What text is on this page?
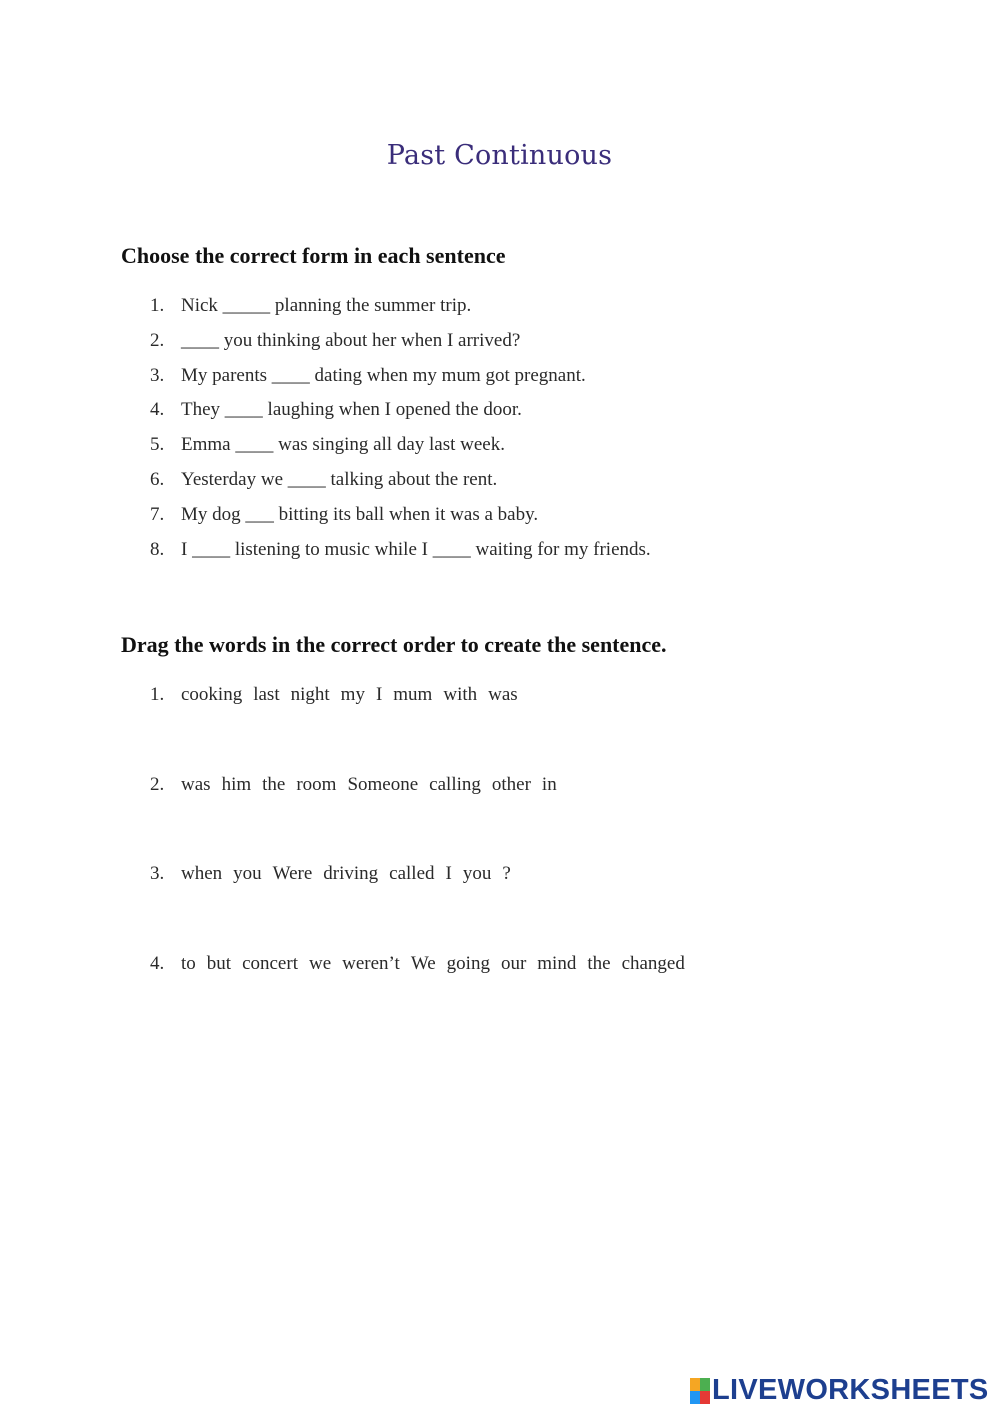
Past Continuous
Choose the correct form in each sentence
1. Nick _____ planning the summer trip.
2. ____ you thinking about her when I arrived?
3. My parents ____ dating when my mum got pregnant.
4. They ____ laughing when I opened the door.
5. Emma ____ was singing all day last week.
6. Yesterday we ____ talking about the rent.
7. My dog ___ bitting its ball when it was a baby.
8. I ____ listening to music while I ____ waiting for my friends.
Drag the words in the correct order to create the sentence.
1. cooking last night my I mum with was
2. was him the room Someone calling other in
3. when you Were driving called I you ?
4. to but concert we weren’t We going our mind the changed
LIVEWORKSHEETS
